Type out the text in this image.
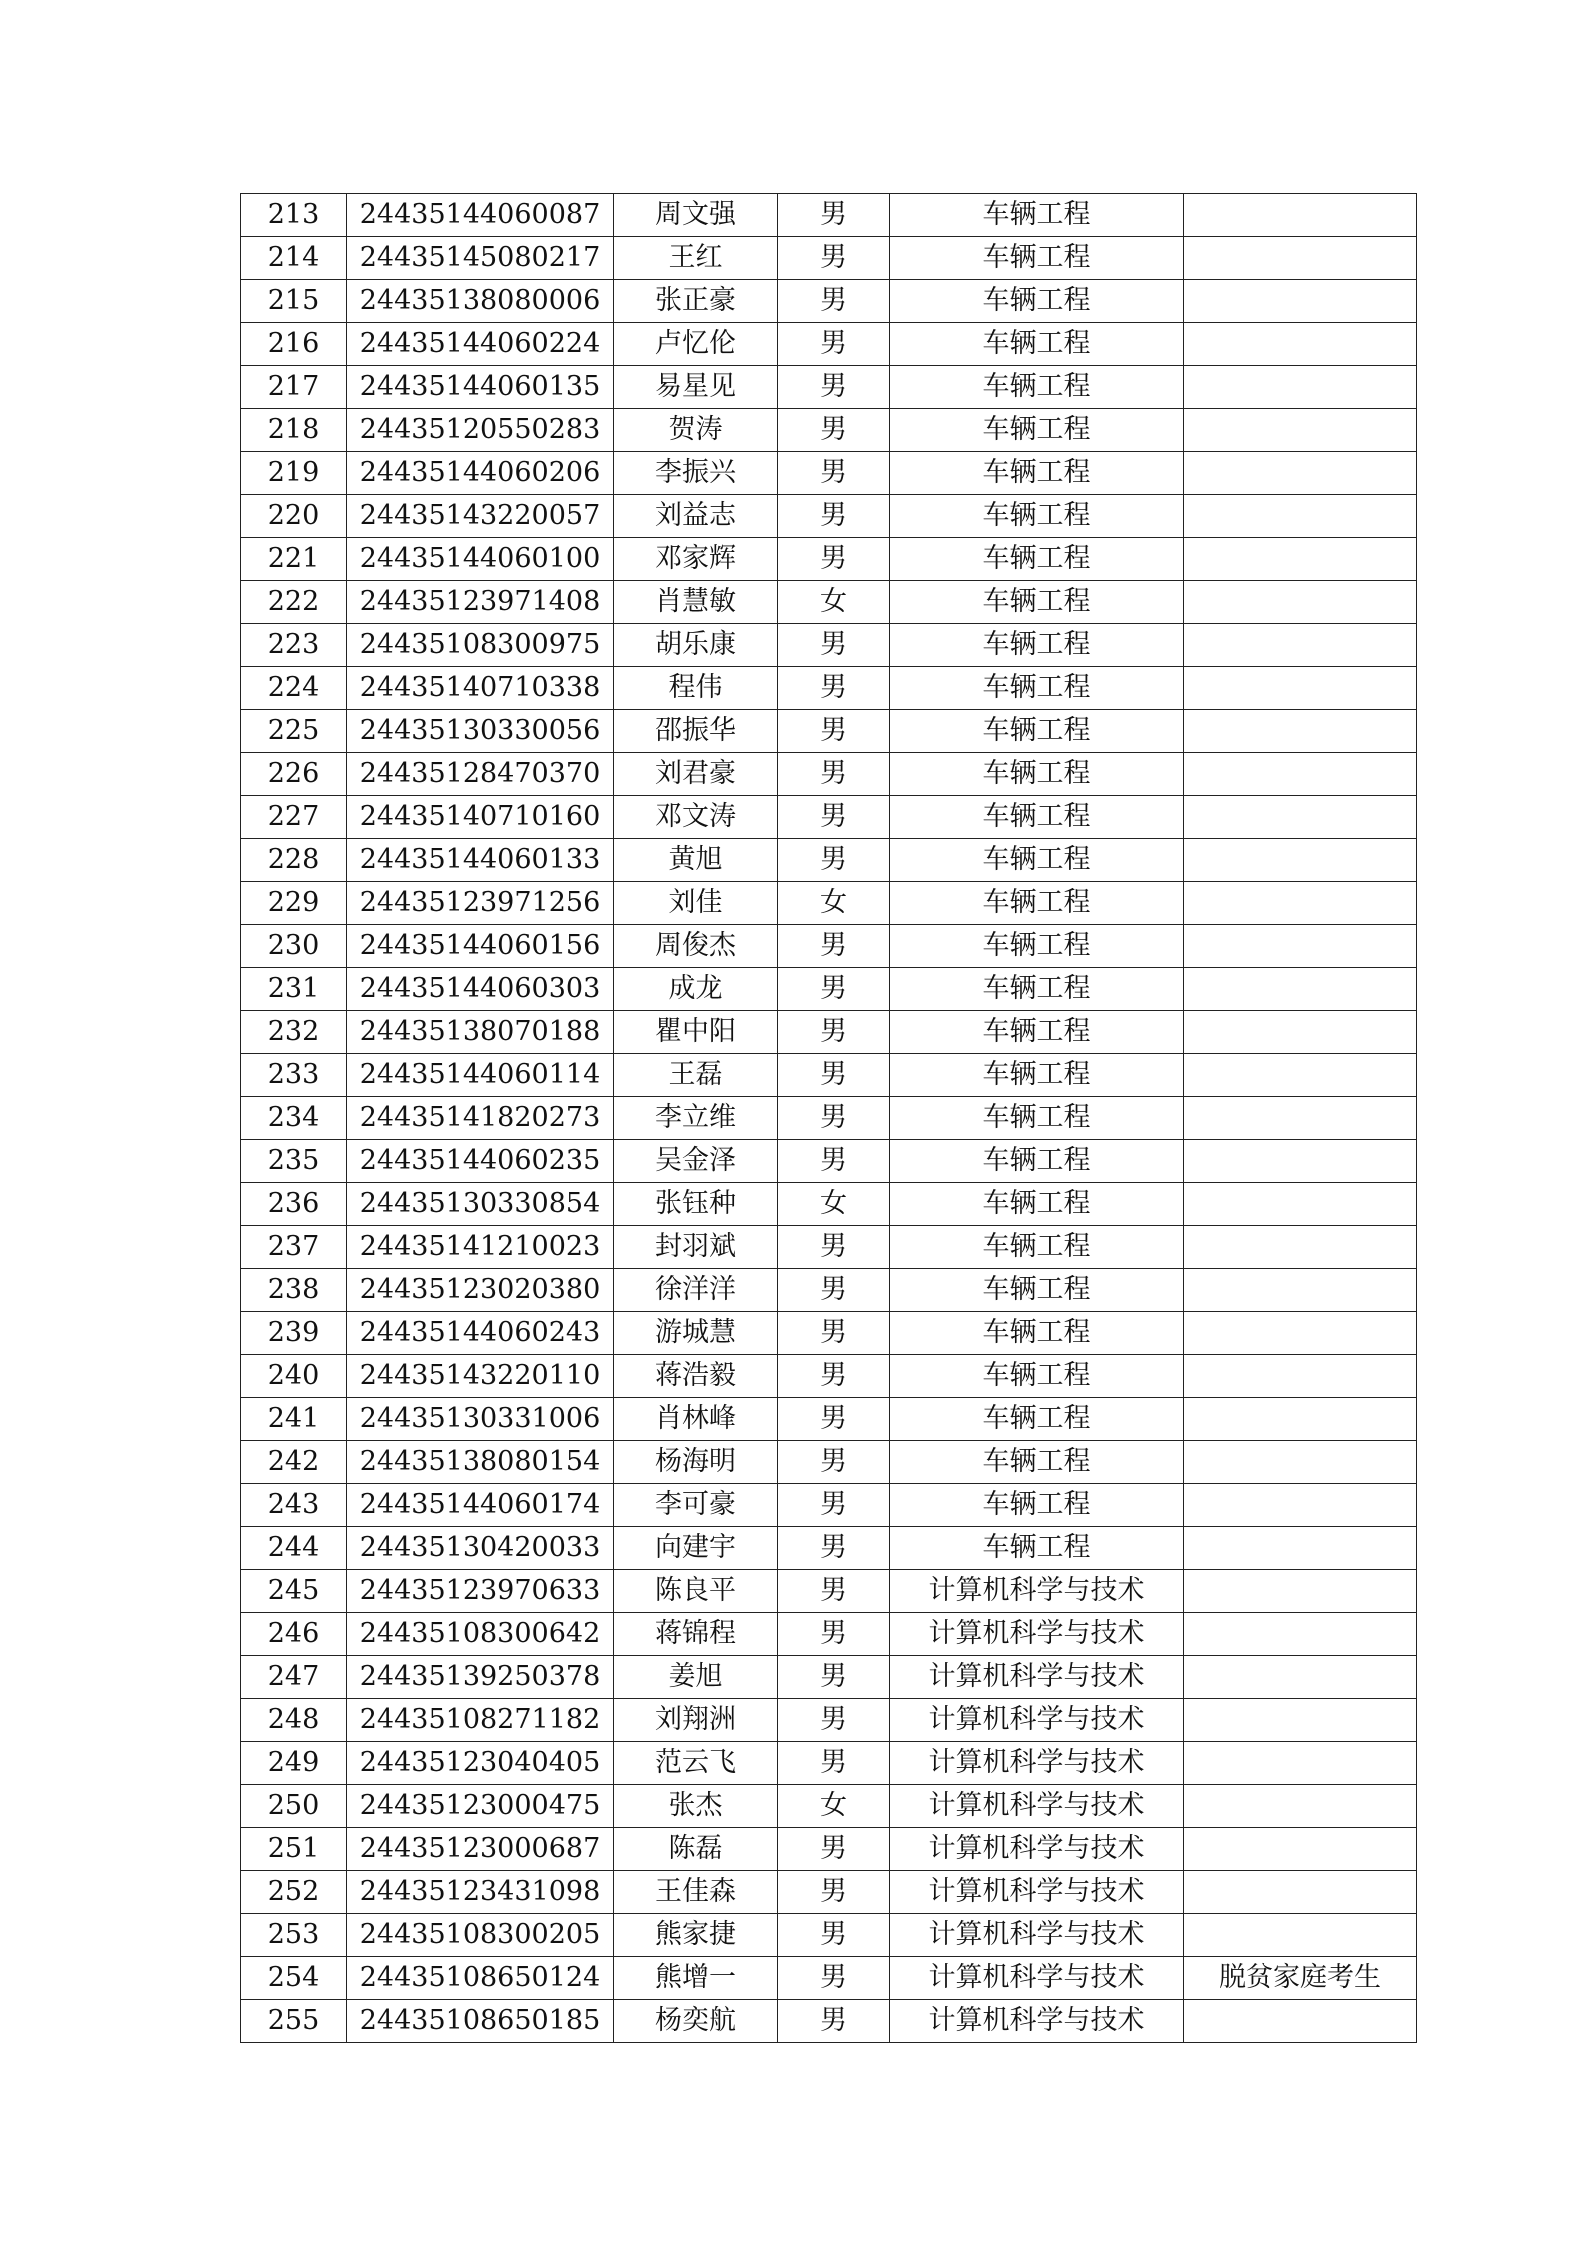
213	24435144060087	周文强	男	车辆工程	
214	24435145080217	王红	男	车辆工程	
215	24435138080006	张正豪	男	车辆工程	
216	24435144060224	卢忆伦	男	车辆工程	
217	24435144060135	易星见	男	车辆工程	
218	24435120550283	贺涛	男	车辆工程	
219	24435144060206	李振兴	男	车辆工程	
220	24435143220057	刘益志	男	车辆工程	
221	24435144060100	邓家辉	男	车辆工程	
222	24435123971408	肖慧敏	女	车辆工程	
223	24435108300975	胡乐康	男	车辆工程	
224	24435140710338	程伟	男	车辆工程	
225	24435130330056	邵振华	男	车辆工程	
226	24435128470370	刘君豪	男	车辆工程	
227	24435140710160	邓文涛	男	车辆工程	
228	24435144060133	黄旭	男	车辆工程	
229	24435123971256	刘佳	女	车辆工程	
230	24435144060156	周俊杰	男	车辆工程	
231	24435144060303	成龙	男	车辆工程	
232	24435138070188	瞿中阳	男	车辆工程	
233	24435144060114	王磊	男	车辆工程	
234	24435141820273	李立维	男	车辆工程	
235	24435144060235	吴金泽	男	车辆工程	
236	24435130330854	张钰种	女	车辆工程	
237	24435141210023	封羽斌	男	车辆工程	
238	24435123020380	徐洋洋	男	车辆工程	
239	24435144060243	游城慧	男	车辆工程	
240	24435143220110	蒋浩毅	男	车辆工程	
241	24435130331006	肖林峰	男	车辆工程	
242	24435138080154	杨海明	男	车辆工程	
243	24435144060174	李可豪	男	车辆工程	
244	24435130420033	向建宇	男	车辆工程	
245	24435123970633	陈良平	男	计算机科学与技术	
246	24435108300642	蒋锦程	男	计算机科学与技术	
247	24435139250378	姜旭	男	计算机科学与技术	
248	24435108271182	刘翔洲	男	计算机科学与技术	
249	24435123040405	范云飞	男	计算机科学与技术	
250	24435123000475	张杰	女	计算机科学与技术	
251	24435123000687	陈磊	男	计算机科学与技术	
252	24435123431098	王佳森	男	计算机科学与技术	
253	24435108300205	熊家捷	男	计算机科学与技术	
254	24435108650124	熊增一	男	计算机科学与技术	脱贫家庭考生
255	24435108650185	杨奕航	男	计算机科学与技术	
